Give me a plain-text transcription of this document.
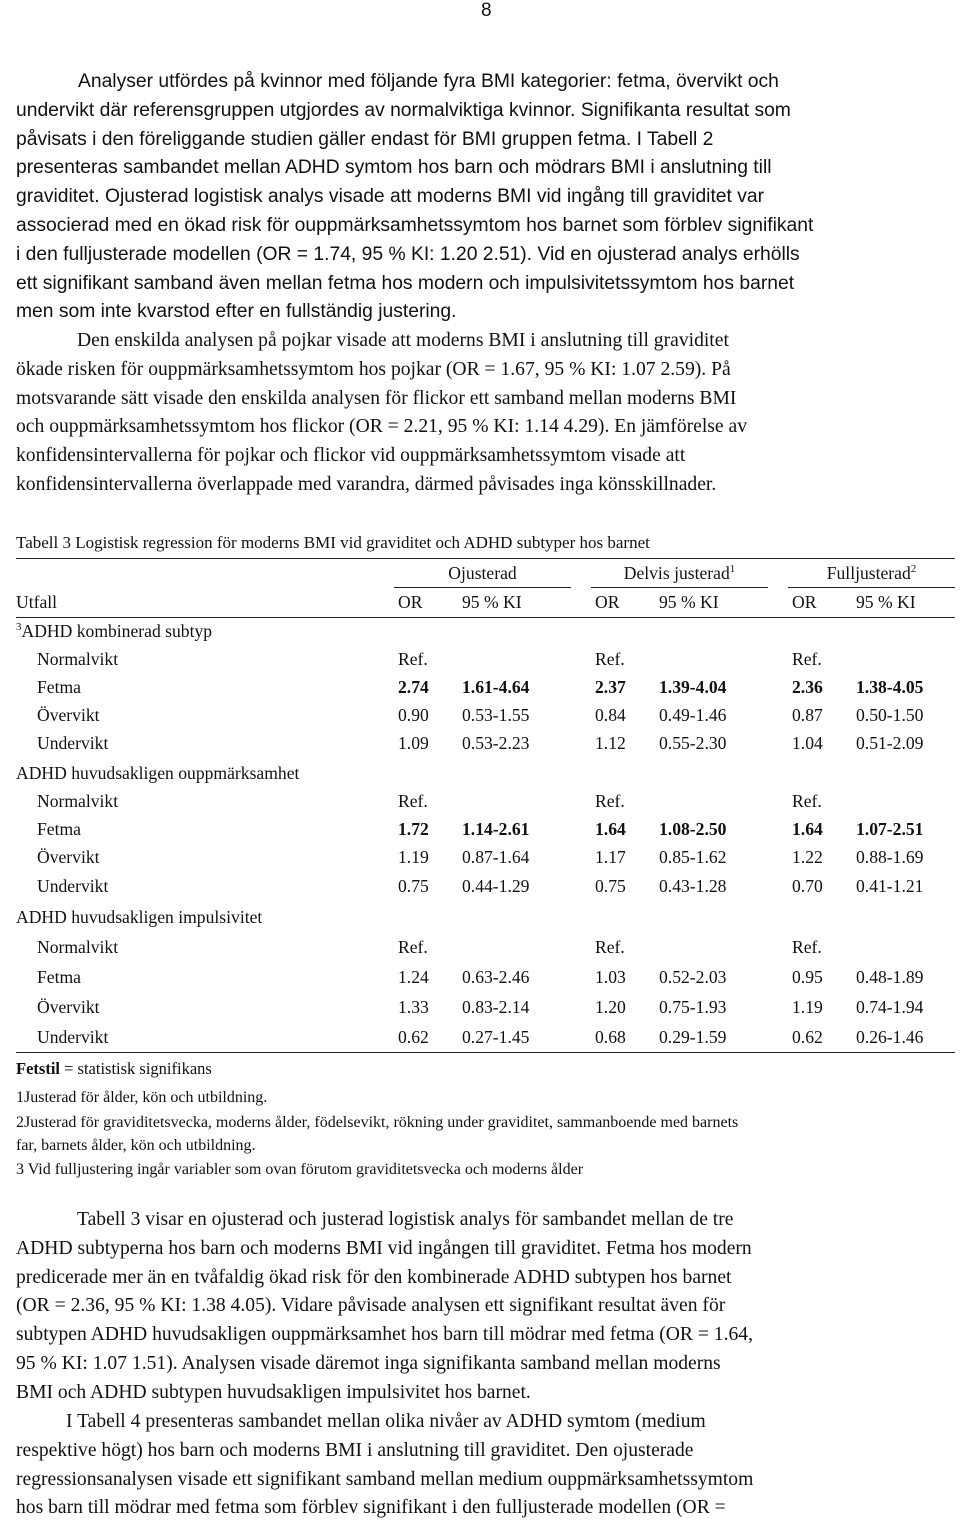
8
Analyser utfördes på kvinnor med följande fyra BMI kategorier: fetma, övervikt och
undervikt där referensgruppen utgjordes av normalviktiga kvinnor. Signifikanta resultat som
påvisats i den föreliggande studien gäller endast för BMI gruppen fetma. I Tabell 2
presenteras sambandet mellan ADHD symtom hos barn och mödrars BMI i anslutning till
graviditet. Ojusterad logistisk analys visade att moderns BMI vid ingång till graviditet var
associerad med en ökad risk för ouppmärksamhetssymtom hos barnet som förblev signifikant
i den fulljusterade modellen (OR = 1.74, 95 % KI: 1.20 2.51). Vid en ojusterad analys erhölls
ett signifikant samband även mellan fetma hos modern och impulsivitetssymtom hos barnet
men som inte kvarstod efter en fullständig justering.
Den enskilda analysen på pojkar visade att moderns BMI i anslutning till graviditet
ökade risken för ouppmärksamhetssymtom hos pojkar (OR = 1.67, 95 % KI: 1.07 2.59). På
motsvarande sätt visade den enskilda analysen för flickor ett samband mellan moderns BMI
och ouppmärksamhetssymtom hos flickor (OR = 2.21, 95 % KI: 1.14 4.29). En jämförelse av
konfidensintervallerna för pojkar och flickor vid ouppmärksamhetssymtom visade att
konfidensintervallerna överlappade med varandra, därmed påvisades inga könsskillnader.
Tabell 3 Logistisk regression för moderns BMI vid graviditet och ADHD subtyper hos barnet
Ojusterad	Delvis justerad$^1$	Fulljusterad$^2$
Utfall	OR 95 % KI	OR 95 % KI	OR 95 % KI
$^3$ADHD kombinerad subtyp
Normalvikt	Ref.	Ref.	Ref.
Fetma	2.74 1.61-4.64	2.37 1.39-4.04	2.36 1.38-4.05
Övervikt	0.90 0.53-1.55	0.84 0.49-1.46	0.87 0.50-1.50
Undervikt	1.09 0.53-2.23	1.12 0.55-2.30	1.04 0.51-2.09
ADHD huvudsakligen ouppmärksamhet
Normalvikt	Ref.	Ref.	Ref.
Fetma	1.72 1.14-2.61	1.64 1.08-2.50	1.64 1.07-2.51
Övervikt	1.19 0.87-1.64	1.17 0.85-1.62	1.22 0.88-1.69
Undervikt	0.75 0.44-1.29	0.75 0.43-1.28	0.70 0.41-1.21
ADHD huvudsakligen impulsivitet
Normalvikt	Ref.	Ref.	Ref.
Fetma	1.24 0.63-2.46	1.03 0.52-2.03	0.95 0.48-1.89
Övervikt	1.33 0.83-2.14	1.20 0.75-1.93	1.19 0.74-1.94
Undervikt	0.62 0.27-1.45	0.68 0.29-1.59	0.62 0.26-1.46
Fetstil = statistisk signifikans
1Justerad för ålder, kön och utbildning.
2Justerad för graviditetsvecka, moderns ålder, födelsevikt, rökning under graviditet, sammanboende med barnets
far, barnets ålder, kön och utbildning.
3 Vid fulljustering ingår variabler som ovan förutom graviditetsvecka och moderns ålder
Tabell 3 visar en ojusterad och justerad logistisk analys för sambandet mellan de tre
ADHD subtyperna hos barn och moderns BMI vid ingången till graviditet. Fetma hos modern
predicerade mer än en tvåfaldig ökad risk för den kombinerade ADHD subtypen hos barnet
(OR = 2.36, 95 % KI: 1.38 4.05). Vidare påvisade analysen ett signifikant resultat även för
subtypen ADHD huvudsakligen ouppmärksamhet hos barn till mödrar med fetma (OR = 1.64,
95 % KI: 1.07 1.51). Analysen visade däremot inga signifikanta samband mellan moderns
BMI och ADHD subtypen huvudsakligen impulsivitet hos barnet.
I Tabell 4 presenteras sambandet mellan olika nivåer av ADHD symtom (medium
respektive högt) hos barn och moderns BMI i anslutning till graviditet. Den ojusterade
regressionsanalysen visade ett signifikant samband mellan medium ouppmärksamhetssymtom
hos barn till mödrar med fetma som förblev signifikant i den fulljusterade modellen (OR =
